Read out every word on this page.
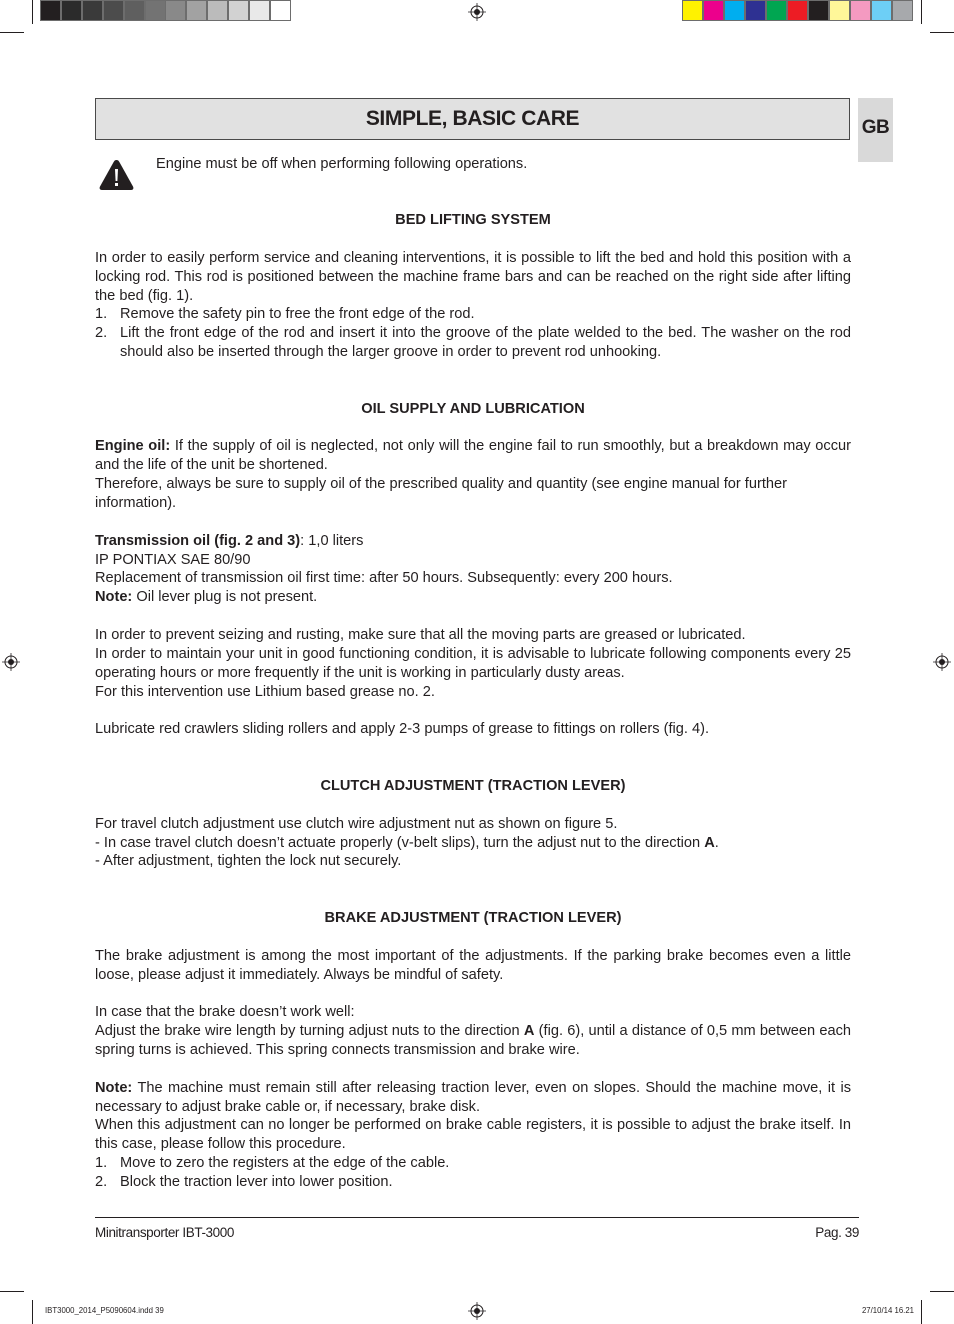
SIMPLE, BASIC CARE	GB
Engine must be off when performing following operations.
BED LIFTING SYSTEM
In order to easily perform service and cleaning interventions, it is possible to lift the bed and hold this position with a locking rod. This rod is positioned between the machine frame bars and can be reached on the right side after lifting the bed (fig. 1).
1. Remove the safety pin to free the front edge of the rod.
2. Lift the front edge of the rod and insert it into the groove of the plate welded to the bed. The washer on the rod should also be inserted through the larger groove in order to prevent rod unhooking.
OIL SUPPLY AND LUBRICATION
Engine oil: If the supply of oil is neglected, not only will the engine fail to run smoothly, but a breakdown may occur and the life of the unit be shortened.
Therefore, always be sure to supply oil of the prescribed quality and quantity (see engine manual for further information).
Transmission oil (fig. 2 and 3): 1,0 liters
IP PONTIAX SAE 80/90
Replacement of transmission oil first time: after 50 hours. Subsequently: every 200 hours.
Note: Oil lever plug is not present.
In order to prevent seizing and rusting, make sure that all the moving parts are greased or lubricated.
In order to maintain your unit in good functioning condition, it is advisable to lubricate following components every 25 operating hours or more frequently if the unit is working in particularly dusty areas.
For this intervention use Lithium based grease no. 2.
Lubricate red crawlers sliding rollers and apply 2-3 pumps of grease to fittings on rollers (fig. 4).
CLUTCH ADJUSTMENT (TRACTION LEVER)
For travel clutch adjustment use clutch wire adjustment nut as shown on figure 5.
- In case travel clutch doesn’t actuate properly (v-belt slips), turn the adjust nut to the direction A.
- After adjustment, tighten the lock nut securely.
BRAKE ADJUSTMENT (TRACTION LEVER)
The brake adjustment is among the most important of the adjustments. If the parking brake becomes even a little loose, please adjust it immediately. Always be mindful of safety.
In case that the brake doesn’t work well:
Adjust the brake wire length by turning adjust nuts to the direction A (fig. 6), until a distance of 0,5 mm between each spring turns is achieved. This spring connects transmission and brake wire.
Note: The machine must remain still after releasing traction lever, even on slopes. Should the machine move, it is necessary to adjust brake cable or, if necessary, brake disk.
When this adjustment can no longer be performed on brake cable registers, it is possible to adjust the brake itself. In this case, please follow this procedure.
1. Move to zero the registers at the edge of the cable.
2. Block the traction lever into lower position.
Minitransporter IBT-3000	Pag. 39
IBT3000_2014_P5090604.indd 39	27/10/14 16.21
